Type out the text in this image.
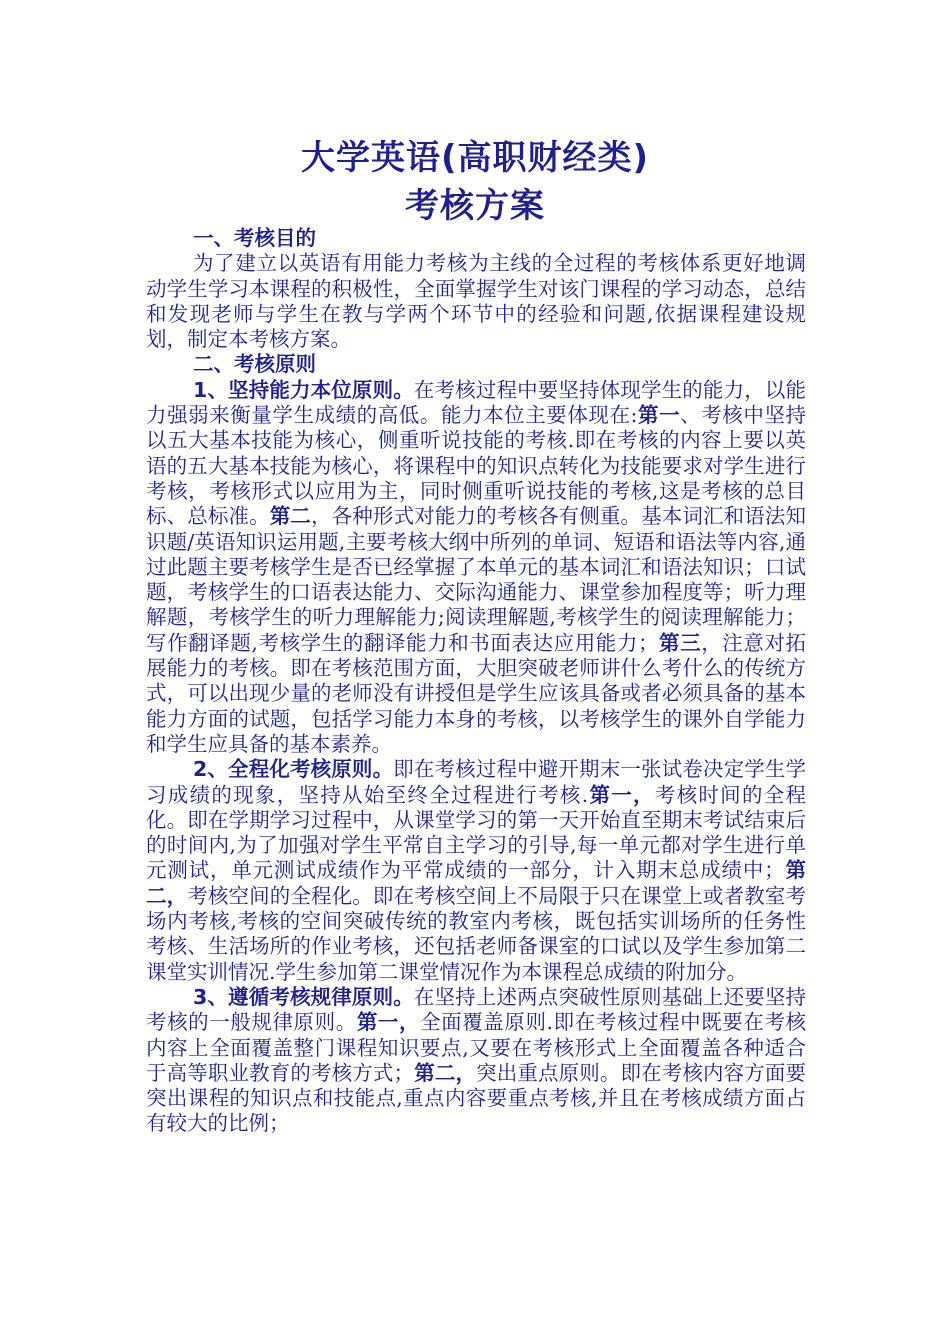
大学英语(高职财经类)
考核方案

一、考核目的

为了建立以英语有用能力考核为主线的全过程的考核体系更好地调动学生学习本课程的积极性，全面掌握学生对该门课程的学习动态，总结和发现老师与学生在教与学两个环节中的经验和问题,依据课程建设规划，制定本考核方案。

二、考核原则

1、坚持能力本位原则。在考核过程中要坚持体现学生的能力，以能力强弱来衡量学生成绩的高低。能力本位主要体现在:第一、考核中坚持以五大基本技能为核心，侧重听说技能的考核.即在考核的内容上要以英语的五大基本技能为核心，将课程中的知识点转化为技能要求对学生进行考核，考核形式以应用为主，同时侧重听说技能的考核,这是考核的总目标、总标准。第二，各种形式对能力的考核各有侧重。基本词汇和语法知识题/英语知识运用题,主要考核大纲中所列的单词、短语和语法等内容,通过此题主要考核学生是否已经掌握了本单元的基本词汇和语法知识；口试题，考核学生的口语表达能力、交际沟通能力、课堂参加程度等；听力理解题，考核学生的听力理解能力;阅读理解题,考核学生的阅读理解能力；写作翻译题,考核学生的翻译能力和书面表达应用能力；第三，注意对拓展能力的考核。即在考核范围方面，大胆突破老师讲什么考什么的传统方式，可以出现少量的老师没有讲授但是学生应该具备或者必须具备的基本能力方面的试题，包括学习能力本身的考核，以考核学生的课外自学能力和学生应具备的基本素养。

2、全程化考核原则。即在考核过程中避开期末一张试卷决定学生学习成绩的现象，坚持从始至终全过程进行考核.第一，考核时间的全程化。即在学期学习过程中，从课堂学习的第一天开始直至期末考试结束后的时间内,为了加强对学生平常自主学习的引导,每一单元都对学生进行单元测试，单元测试成绩作为平常成绩的一部分，计入期末总成绩中；第二，考核空间的全程化。即在考核空间上不局限于只在课堂上或者教室考场内考核,考核的空间突破传统的教室内考核，既包括实训场所的任务性考核、生活场所的作业考核，还包括老师备课室的口试以及学生参加第二课堂实训情况.学生参加第二课堂情况作为本课程总成绩的附加分。

3、遵循考核规律原则。在坚持上述两点突破性原则基础上还要坚持考核的一般规律原则。第一，全面覆盖原则.即在考核过程中既要在考核内容上全面覆盖整门课程知识要点,又要在考核形式上全面覆盖各种适合于高等职业教育的考核方式；第二，突出重点原则。即在考核内容方面要突出课程的知识点和技能点,重点内容要重点考核,并且在考核成绩方面占有较大的比例；
